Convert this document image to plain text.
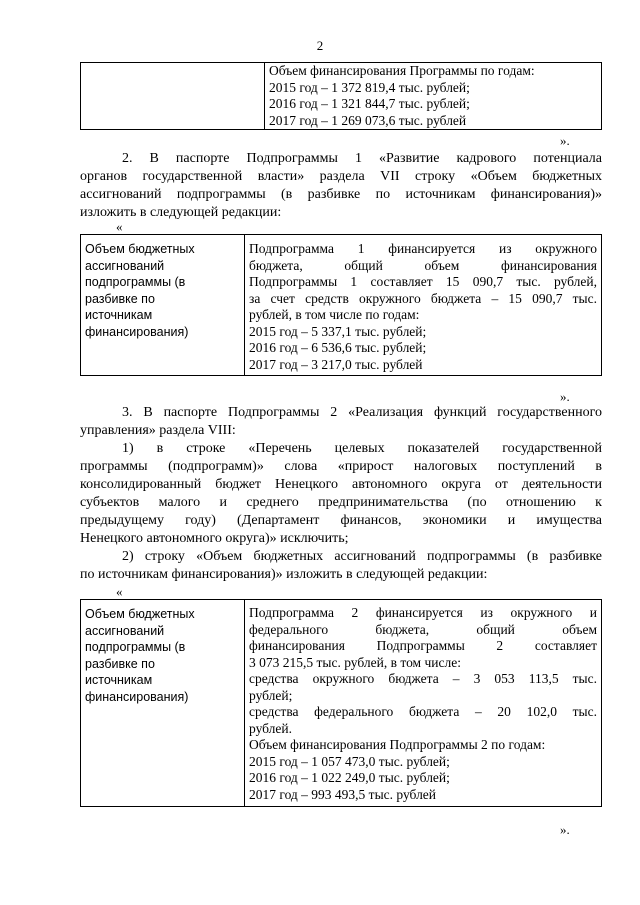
2

Объем финансирования Программы по годам:
2015 год – 1 372 819,4 тыс. рублей;
2016 год – 1 321 844,7 тыс. рублей;
2017 год – 1 269 073,6 тыс. рублей
».

2. В паспорте Подпрограммы 1 «Развитие кадрового потенциала

органов государственной власти» раздела VII строку «Объем бюджетных

ассигнований подпрограммы (в разбивке по источникам финансирования)»

изложить в следующей редакции:

«
Объем бюджетных
ассигнований
подпрограммы (в
разбивке по
источникам
финансирования)

Подпрограмма 1 финансируется из окружного
бюджета, общий объем финансирования
Подпрограммы 1 составляет 15 090,7 тыс. рублей,
за счет средств окружного бюджета – 15 090,7 тыс.
рублей, в том числе по годам:
2015 год – 5 337,1 тыс. рублей;
2016 год – 6 536,6 тыс. рублей;
2017 год – 3 217,0 тыс. рублей
».

3. В паспорте Подпрограммы 2 «Реализация функций государственного

управления» раздела VIII:

1) в строке «Перечень целевых показателей государственной

программы (подпрограмм)» слова «прирост налоговых поступлений в

консолидированный бюджет Ненецкого автономного округа от деятельности

субъектов малого и среднего предпринимательства (по отношению к

предыдущему году) (Департамент финансов, экономики и имущества

Ненецкого автономного округа)» исключить;

2) строку «Объем бюджетных ассигнований подпрограммы (в разбивке

по источникам финансирования)» изложить в следующей редакции:

«
Объем бюджетных
ассигнований
подпрограммы (в
разбивке по
источникам
финансирования)

Подпрограмма 2 финансируется из окружного и
федерального бюджета, общий объем
финансирования Подпрограммы 2 составляет
3 073 215,5 тыс. рублей, в том числе:
средства окружного бюджета – 3 053 113,5 тыс.
рублей;
средства федерального бюджета – 20 102,0 тыс.
рублей.
Объем финансирования Подпрограммы 2 по годам:
2015 год – 1 057 473,0 тыс. рублей;
2016 год – 1 022 249,0 тыс. рублей;
2017 год – 993 493,5 тыс. рублей
».
